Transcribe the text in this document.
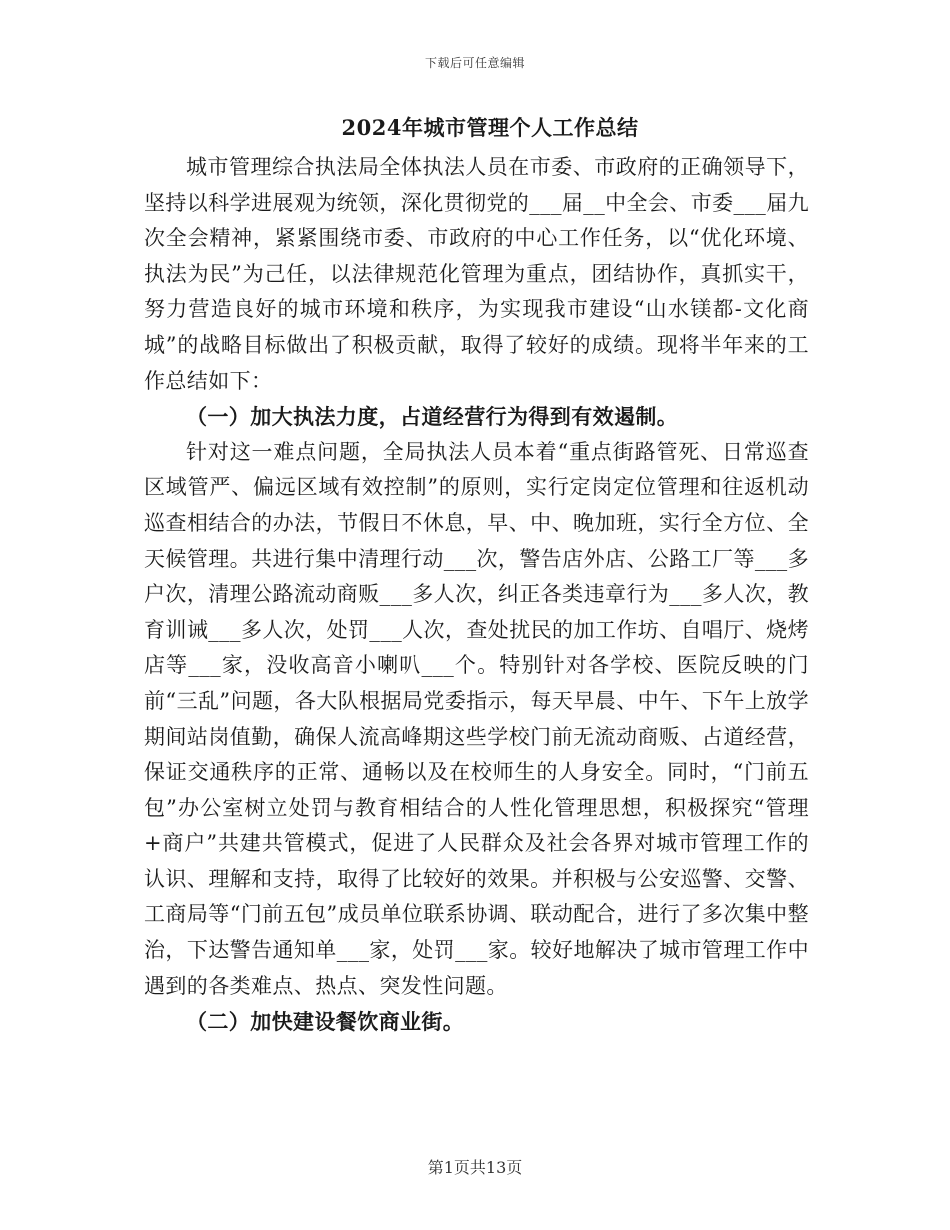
下载后可任意编辑
2024年城市管理个人工作总结

城市管理综合执法局全体执法人员在市委、市政府的正确领导下，坚持以科学进展观为统领，深化贯彻党的___届__中全会、市委___届九次全会精神，紧紧围绕市委、市政府的中心工作任务，以“优化环境、执法为民”为己任，以法律规范化管理为重点，团结协作，真抓实干，努力营造良好的城市环境和秩序，为实现我市建设“山水镁都-文化商城”的战略目标做出了积极贡献，取得了较好的成绩。现将半年来的工作总结如下：

（一）加大执法力度，占道经营行为得到有效遏制。

针对这一难点问题，全局执法人员本着“重点街路管死、日常巡查区域管严、偏远区域有效控制”的原则，实行定岗定位管理和往返机动巡查相结合的办法，节假日不休息，早、中、晚加班，实行全方位、全天候管理。共进行集中清理行动___次，警告店外店、公路工厂等___多户次，清理公路流动商贩___多人次，纠正各类违章行为___多人次，教育训诫___多人次，处罚___人次，查处扰民的加工作坊、自唱厅、烧烤店等___家，没收高音小喇叭___个。特别针对各学校、医院反映的门前“三乱”问题，各大队根据局党委指示，每天早晨、中午、下午上放学期间站岗值勤，确保人流高峰期这些学校门前无流动商贩、占道经营，保证交通秩序的正常、通畅以及在校师生的人身安全。同时，“门前五包”办公室树立处罚与教育相结合的人性化管理思想，积极探究“管理+商户”共建共管模式，促进了人民群众及社会各界对城市管理工作的认识、理解和支持，取得了比较好的效果。并积极与公安巡警、交警、工商局等“门前五包”成员单位联系协调、联动配合，进行了多次集中整治，下达警告通知单___家，处罚___家。较好地解决了城市管理工作中遇到的各类难点、热点、突发性问题。

（二）加快建设餐饮商业街。

第1页共13页
